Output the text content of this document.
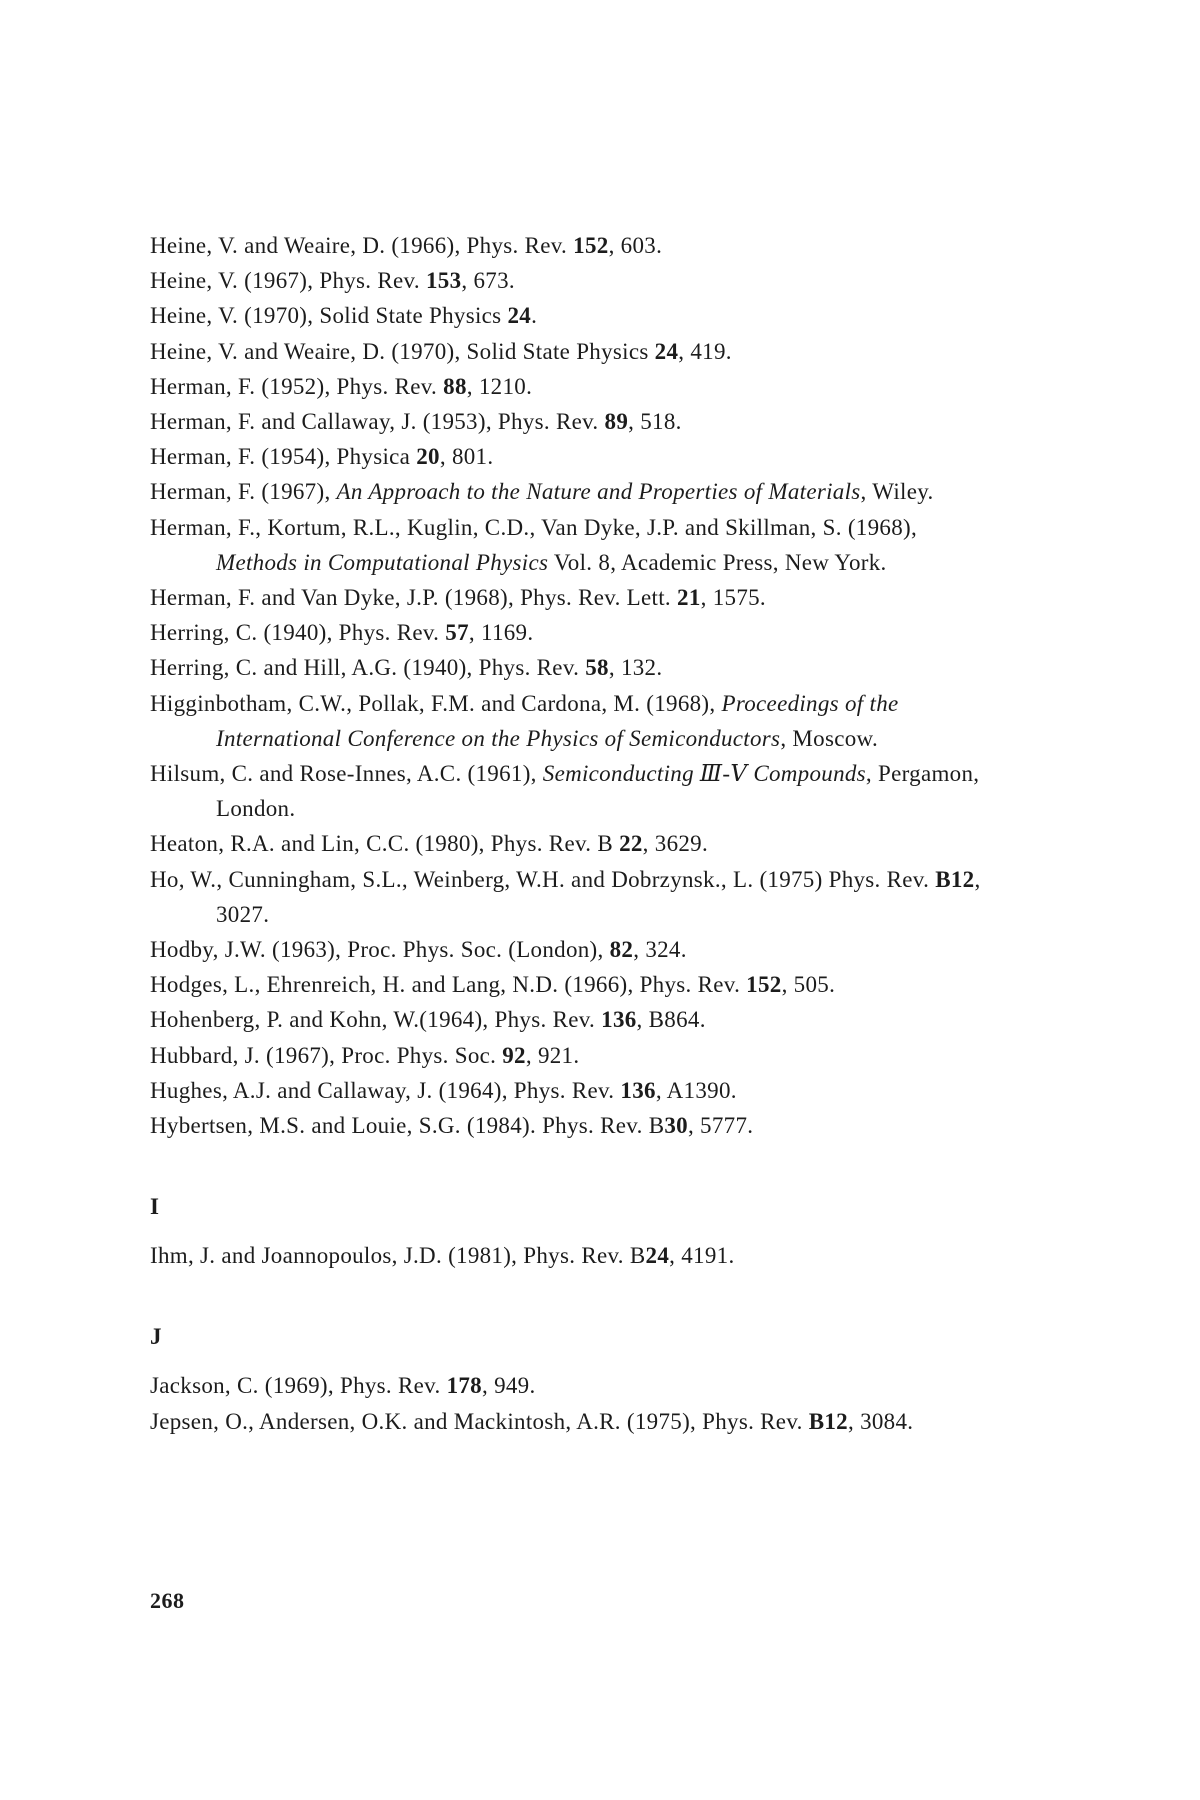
Heine, V. and Weaire, D. (1966), Phys. Rev. 152, 603.

Heine, V. (1967), Phys. Rev. 153, 673.

Heine, V. (1970), Solid State Physics 24.

Heine, V. and Weaire, D. (1970), Solid State Physics 24, 419.

Herman, F. (1952), Phys. Rev. 88, 1210.

Herman, F. and Callaway, J. (1953), Phys. Rev. 89, 518.

Herman, F. (1954), Physica 20, 801.

Herman, F. (1967), An Approach to the Nature and Properties of Materials, Wiley.

Herman, F., Kortum, R.L., Kuglin, C.D., Van Dyke, J.P. and Skillman, S. (1968), Methods in Computational Physics Vol. 8, Academic Press, New York.

Herman, F. and Van Dyke, J.P. (1968), Phys. Rev. Lett. 21, 1575.

Herring, C. (1940), Phys. Rev. 57, 1169.

Herring, C. and Hill, A.G. (1940), Phys. Rev. 58, 132.

Higginbotham, C.W., Pollak, F.M. and Cardona, M. (1968), Proceedings of the International Conference on the Physics of Semiconductors, Moscow.

Hilsum, C. and Rose-Innes, A.C. (1961), Semiconducting Ⅲ-Ⅴ Compounds, Pergamon, London.

Heaton, R.A. and Lin, C.C. (1980), Phys. Rev. B 22, 3629.

Ho, W., Cunningham, S.L., Weinberg, W.H. and Dobrzynsk., L. (1975) Phys. Rev. B12, 3027.

Hodby, J.W. (1963), Proc. Phys. Soc. (London), 82, 324.

Hodges, L., Ehrenreich, H. and Lang, N.D. (1966), Phys. Rev. 152, 505.

Hohenberg, P. and Kohn, W.(1964), Phys. Rev. 136, B864.

Hubbard, J. (1967), Proc. Phys. Soc. 92, 921.

Hughes, A.J. and Callaway, J. (1964), Phys. Rev. 136, A1390.

Hybertsen, M.S. and Louie, S.G. (1984). Phys. Rev. B30, 5777.

I

Ihm, J. and Joannopoulos, J.D. (1981), Phys. Rev. B24, 4191.

J

Jackson, C. (1969), Phys. Rev. 178, 949.

Jepsen, O., Andersen, O.K. and Mackintosh, A.R. (1975), Phys. Rev. B12, 3084.

268
